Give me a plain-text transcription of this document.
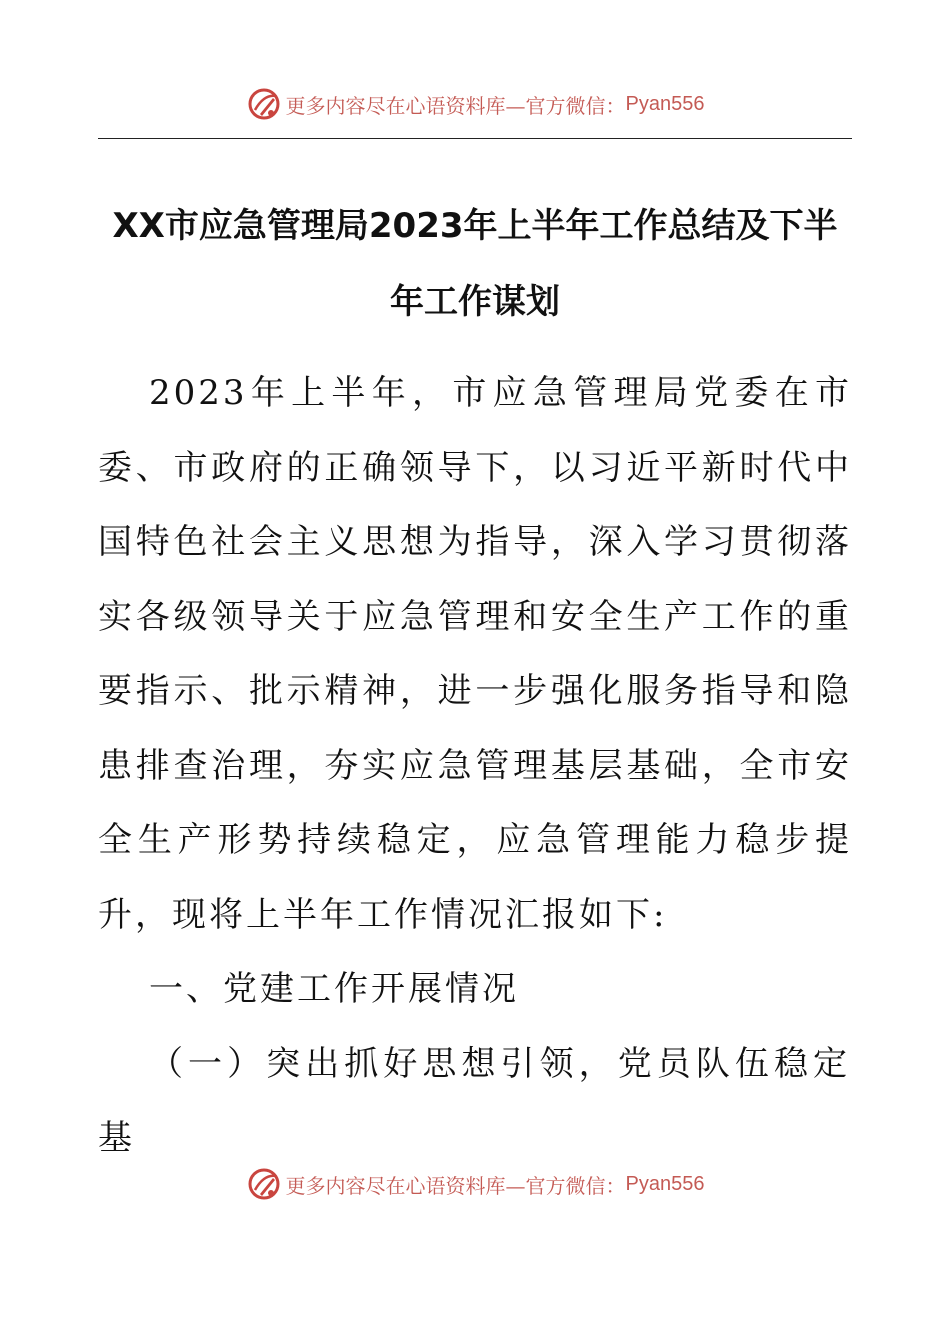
更多内容尽在心语资料库—官方微信： Pyan556
XX市应急管理局2023年上半年工作总结及下半年工作谋划

2023年上半年，市应急管理局党委在市委、市政府的正确领导下，以习近平新时代中国特色社会主义思想为指导，深入学习贯彻落实各级领导关于应急管理和安全生产工作的重要指示、批示精神，进一步强化服务指导和隐患排查治理，夯实应急管理基层基础，全市安全生产形势持续稳定，应急管理能力稳步提升，现将上半年工作情况汇报如下:

一、党建工作开展情况

（一）突出抓好思想引领，党员队伍稳定基

更多内容尽在心语资料库—官方微信： Pyan556
